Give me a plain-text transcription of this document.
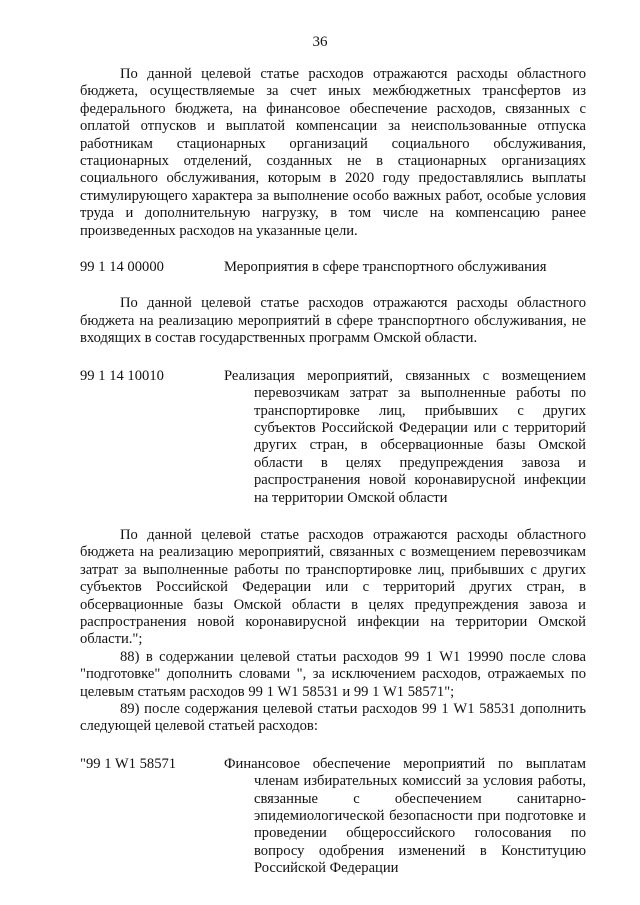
36

По данной целевой статье расходов отражаются расходы областного бюджета, осуществляемые за счет иных межбюджетных трансфертов из федерального бюджета, на финансовое обеспечение расходов, связанных с оплатой отпусков и выплатой компенсации за неиспользованные отпуска работникам стационарных организаций социального обслуживания, стационарных отделений, созданных не в стационарных организациях социального обслуживания, которым в 2020 году предоставлялись выплаты стимулирующего характера за выполнение особо важных работ, особые условия труда и дополнительную нагрузку, в том числе на компенсацию ранее произведенных расходов на указанные цели.

99 1 14 00000	Мероприятия в сфере транспортного обслуживания

По данной целевой статье расходов отражаются расходы областного бюджета на реализацию мероприятий в сфере транспортного обслуживания, не входящих в состав государственных программ Омской области.

99 1 14 10010	Реализация мероприятий, связанных с возмещением перевозчикам затрат за выполненные работы по транспортировке лиц, прибывших с других субъектов Российской Федерации или с территорий других стран, в обсервационные базы Омской области в целях предупреждения завоза и распространения новой коронавирусной инфекции на территории Омской области

По данной целевой статье расходов отражаются расходы областного бюджета на реализацию мероприятий, связанных с возмещением перевозчикам затрат за выполненные работы по транспортировке лиц, прибывших с других субъектов Российской Федерации или с территорий других стран, в обсервационные базы Омской области в целях предупреждения завоза и распространения новой коронавирусной инфекции на территории Омской области.";

88) в содержании целевой статьи расходов 99 1 W1 19990 после слова "подготовке" дополнить словами ", за исключением расходов, отражаемых по целевым статьям расходов 99 1 W1 58531 и 99 1 W1 58571";

89) после содержания целевой статьи расходов 99 1 W1 58531 дополнить следующей целевой статьей расходов:

"99 1 W1 58571	Финансовое обеспечение мероприятий по выплатам членам избирательных комиссий за условия работы, связанные с обеспечением санитарно-эпидемиологической безопасности при подготовке и проведении общероссийского голосования по вопросу одобрения изменений в Конституцию Российской Федерации
